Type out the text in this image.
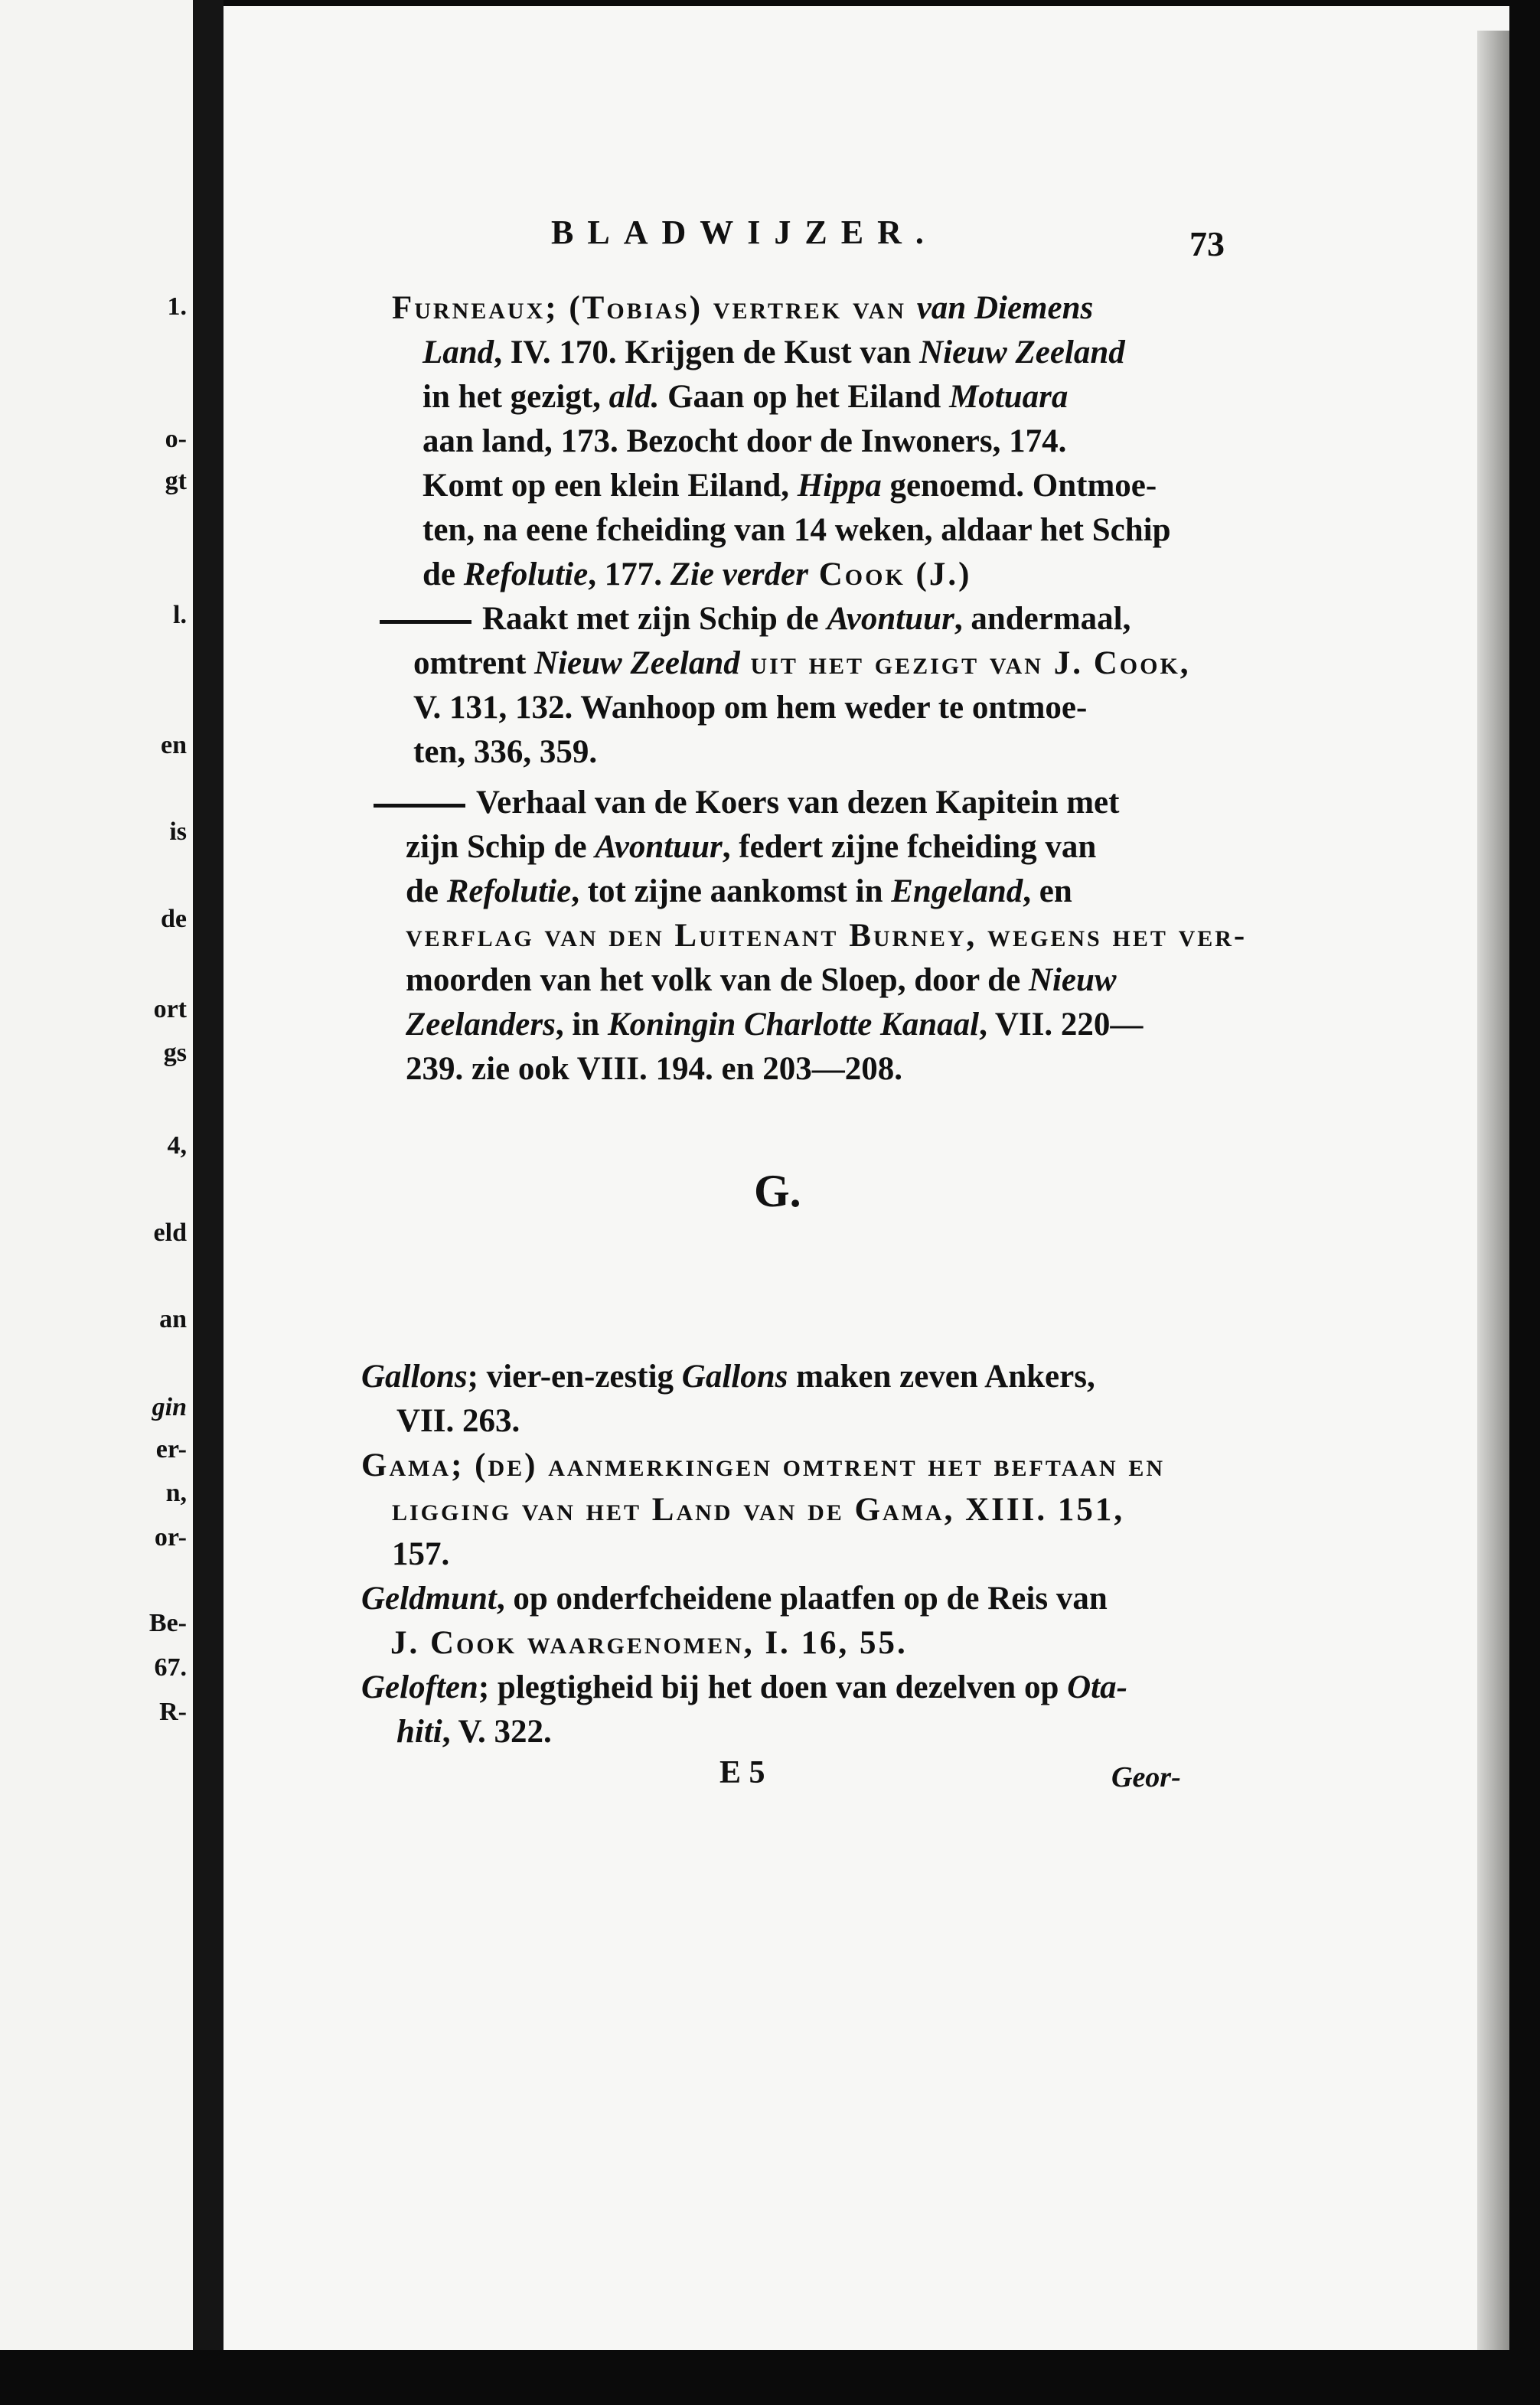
1.
o-
gt
l.
en
is
de
ort
gs
4,
eld
an
gin
er-
n,
or-
Be-
67.
R-
BLADWIJZER.	73
Furneaux; (Tobias) vertrek van van Diemens
Land, IV. 170. Krijgen de Kust van Nieuw Zeeland
in het gezigt, ald. Gaan op het Eiland Motuara
aan land, 173. Bezocht door de Inwoners, 174.
Komt op een klein Eiland, Hippa genoemd. Ontmoe-
ten, na eene fcheiding van 14 weken, aldaar het Schip
de Refolutie, 177. Zie verder Cook (J.)
Raakt met zijn Schip de Avontuur, andermaal,
omtrent Nieuw Zeeland uit het gezigt van J. Cook,
V. 131, 132. Wanhoop om hem weder te ontmoe-
ten, 336, 359.
Verhaal van de Koers van dezen Kapitein met
zijn Schip de Avontuur, federt zijne fcheiding van
de Refolutie, tot zijne aankomst in Engeland, en
verflag van den Luitenant Burney, wegens het ver-
moorden van het volk van de Sloep, door de Nieuw
Zeelanders, in Koningin Charlotte Kanaal, VII. 220—
239. zie ook VIII. 194. en 203—208.
G.
Gallons; vier-en-zestig Gallons maken zeven Ankers,
VII. 263.
Gama; (de) aanmerkingen omtrent het beftaan en
ligging van het Land van de Gama, XIII. 151,
157.
Geldmunt, op onderfcheidene plaatfen op de Reis van
J. Cook waargenomen, I. 16, 55.
Geloften; plegtigheid bij het doen van dezelven op Ota-
hiti, V. 322.
E 5	Geor-
